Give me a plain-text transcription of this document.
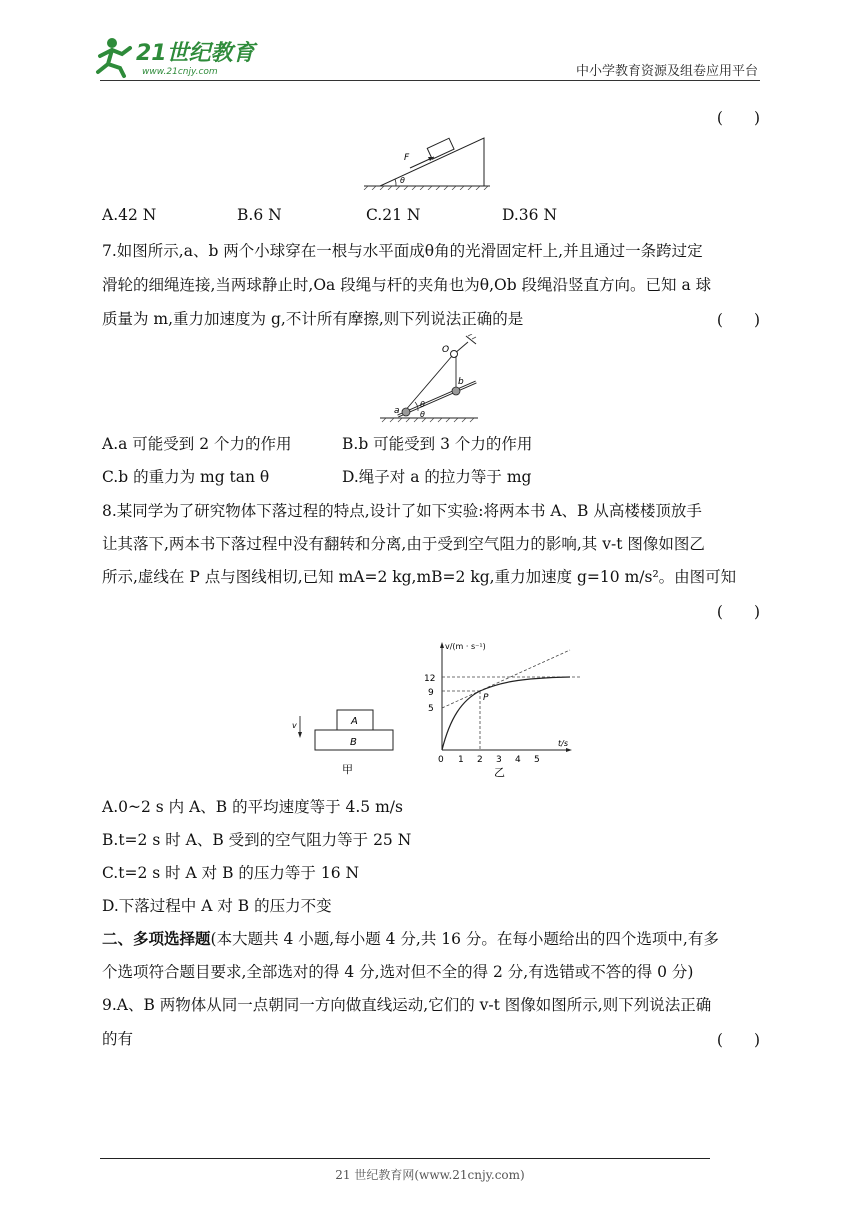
21世纪教育
www.21cnjy.com	中小学教育资源及组卷应用平台
(　　)
F
θ
A.42 N	B.6 N	C.21 N	D.36 N
7.如图所示,a、b 两个小球穿在一根与水平面成θ角的光滑固定杆上,并且通过一条跨过定
滑轮的细绳连接,当两球静止时,Oa 段绳与杆的夹角也为θ,Ob 段绳沿竖直方向。已知 a 球
质量为 m,重力加速度为 g,不计所有摩擦,则下列说法正确的是	(　　)
O
a
b
θ
θ
A.a 可能受到 2 个力的作用	B.b 可能受到 3 个力的作用
C.b 的重力为 mg tan θ	D.绳子对 a 的拉力等于 mg
8.某同学为了研究物体下落过程的特点,设计了如下实验:将两本书 A、B 从高楼楼顶放手
让其落下,两本书下落过程中没有翻转和分离,由于受到空气阻力的影响,其 v-t 图像如图乙
所示,虚线在 P 点与图线相切,已知 mA=2 kg,mB=2 kg,重力加速度 g=10 m/s²。由图可知
(　　)
v	A
B
甲
v/(m · s⁻¹)
t/s
12
9
5
0 1 2 3 4 5
P
乙
A.0~2 s 内 A、B 的平均速度等于 4.5 m/s
B.t=2 s 时 A、B 受到的空气阻力等于 25 N
C.t=2 s 时 A 对 B 的压力等于 16 N
D.下落过程中 A 对 B 的压力不变
二、多项选择题(本大题共 4 小题,每小题 4 分,共 16 分。在每小题给出的四个选项中,有多
个选项符合题目要求,全部选对的得 4 分,选对但不全的得 2 分,有选错或不答的得 0 分)
9.A、B 两物体从同一点朝同一方向做直线运动,它们的 v-t 图像如图所示,则下列说法正确
的有	(　　)
21 世纪教育网(www.21cnjy.com)
